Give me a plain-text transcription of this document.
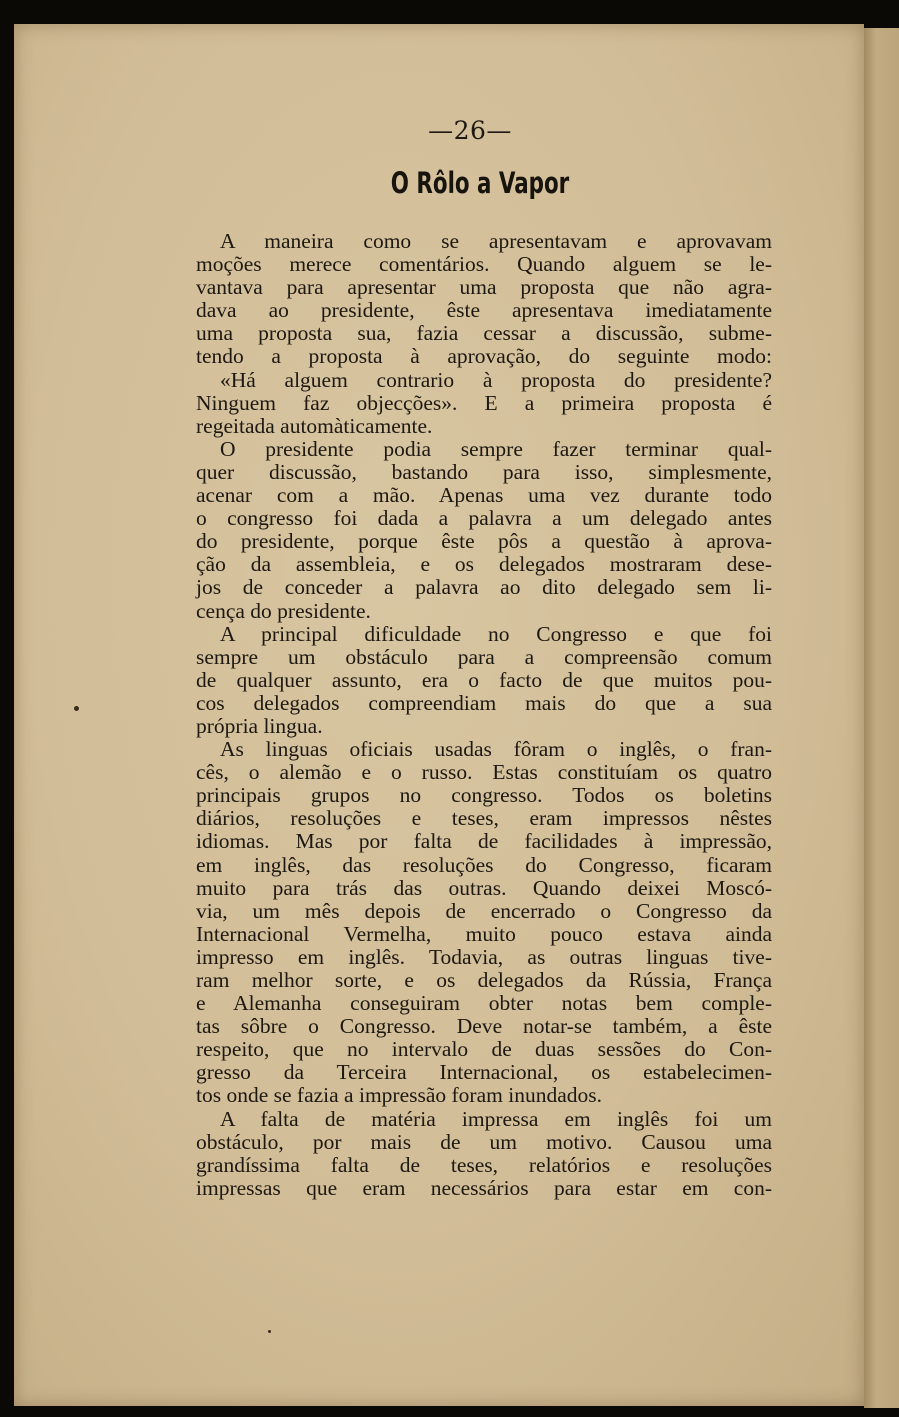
—26—
O Rôlo a Vapor
A maneira como se apresentavam e aprovavam
moções merece comentários. Quando alguem se le-
vantava para apresentar uma proposta que não agra-
dava ao presidente, êste apresentava imediatamente
uma proposta sua, fazia cessar a discussão, subme-
tendo a proposta à aprovação, do seguinte modo:
«Há alguem contrario à proposta do presidente?
Ninguem faz objecções». E a primeira proposta é
regeitada automàticamente.
O presidente podia sempre fazer terminar qual-
quer discussão, bastando para isso, simplesmente,
acenar com a mão. Apenas uma vez durante todo
o congresso foi dada a palavra a um delegado antes
do presidente, porque êste pôs a questão à aprova-
ção da assembleia, e os delegados mostraram dese-
jos de conceder a palavra ao dito delegado sem li-
cença do presidente.
A principal dificuldade no Congresso e que foi
sempre um obstáculo para a compreensão comum
de qualquer assunto, era o facto de que muitos pou-
cos delegados compreendiam mais do que a sua
própria lingua.
As linguas oficiais usadas fôram o inglês, o fran-
cês, o alemão e o russo. Estas constituíam os quatro
principais grupos no congresso. Todos os boletins
diários, resoluções e teses, eram impressos nêstes
idiomas. Mas por falta de facilidades à impressão,
em inglês, das resoluções do Congresso, ficaram
muito para trás das outras. Quando deixei Moscó-
via, um mês depois de encerrado o Congresso da
Internacional Vermelha, muito pouco estava ainda
impresso em inglês. Todavia, as outras linguas tive-
ram melhor sorte, e os delegados da Rússia, França
e Alemanha conseguiram obter notas bem comple-
tas sôbre o Congresso. Deve notar-se também, a êste
respeito, que no intervalo de duas sessões do Con-
gresso da Terceira Internacional, os estabelecimen-
tos onde se fazia a impressão foram inundados.
A falta de matéria impressa em inglês foi um
obstáculo, por mais de um motivo. Causou uma
grandíssima falta de teses, relatórios e resoluções
impressas que eram necessários para estar em con-
